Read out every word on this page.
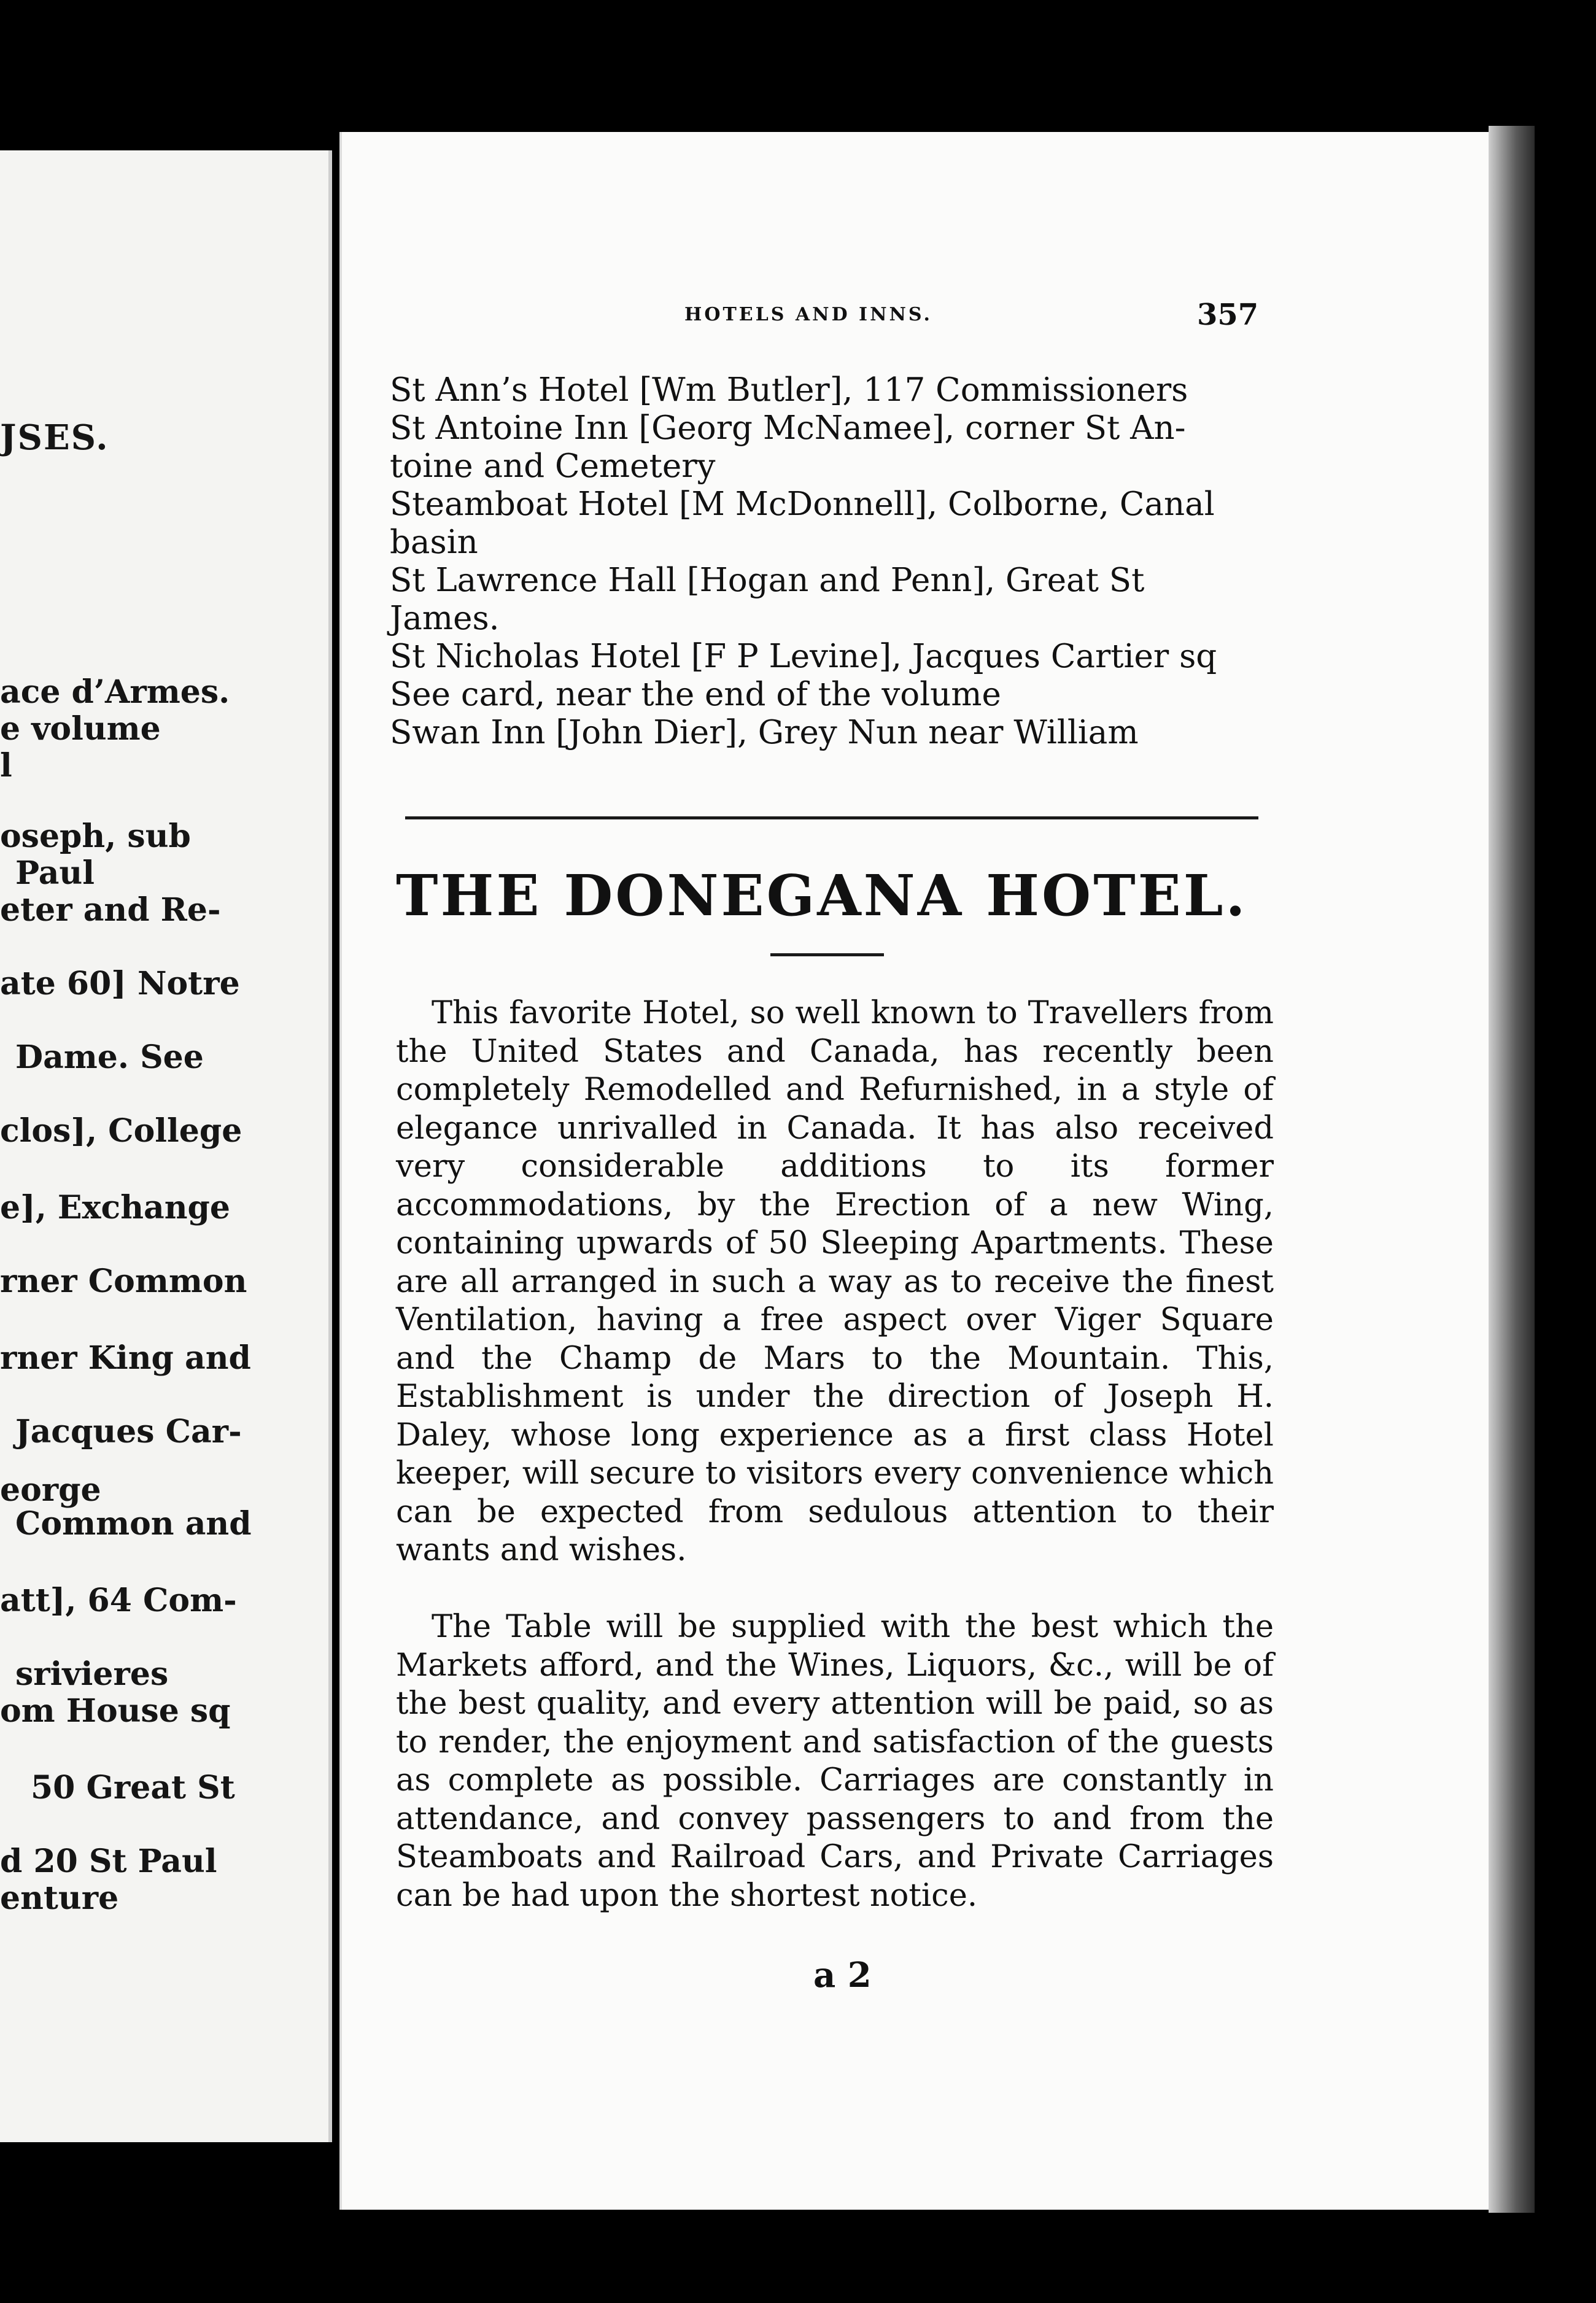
JSES.
ace d’Armes.
e volume
l
oseph, sub
Paul
eter and Re-
ate 60] Notre
Dame. See
clos], College
e], Exchange
rner Common
rner King and
Jacques Car-
eorge
Common and
att], 64 Com-
srivieres
om House sq
50 Great St
d 20 St Paul
enture
HOTELS AND INNS.	357
St Ann’s Hotel [Wm Butler], 117 Commissioners
St Antoine Inn [Georg McNamee], corner St An-
toine and Cemetery
Steamboat Hotel [M McDonnell], Colborne, Canal
basin
St Lawrence Hall [Hogan and Penn], Great St
James.
St Nicholas Hotel [F P Levine], Jacques Cartier sq
See card, near the end of the volume
Swan Inn [John Dier], Grey Nun near William
THE DONEGANA HOTEL.

This favorite Hotel, so well known to Travellers from the United States and Canada, has recently been completely Remodelled and Refurnished, in a style of elegance unrivalled in Canada. It has also received very considerable additions to its former accommodations, by the Erection of a new Wing, containing upwards of 50 Sleeping Apartments. These are all arranged in such a way as to receive the finest Ventilation, having a free aspect over Viger Square and the Champ de Mars to the Mountain. This, Establishment is under the direction of Joseph H. Daley, whose long experience as a first class Hotel keeper, will secure to visitors every convenience which can be expected from sedulous attention to their wants and wishes.

The Table will be supplied with the best which the Markets afford, and the Wines, Liquors, &c., will be of the best quality, and every attention will be paid, so as to render, the enjoyment and satisfaction of the guests as complete as possible. Carriages are constantly in attendance, and convey passengers to and from the Steamboats and Railroad Cars, and Private Carriages can be had upon the shortest notice.

a 2
